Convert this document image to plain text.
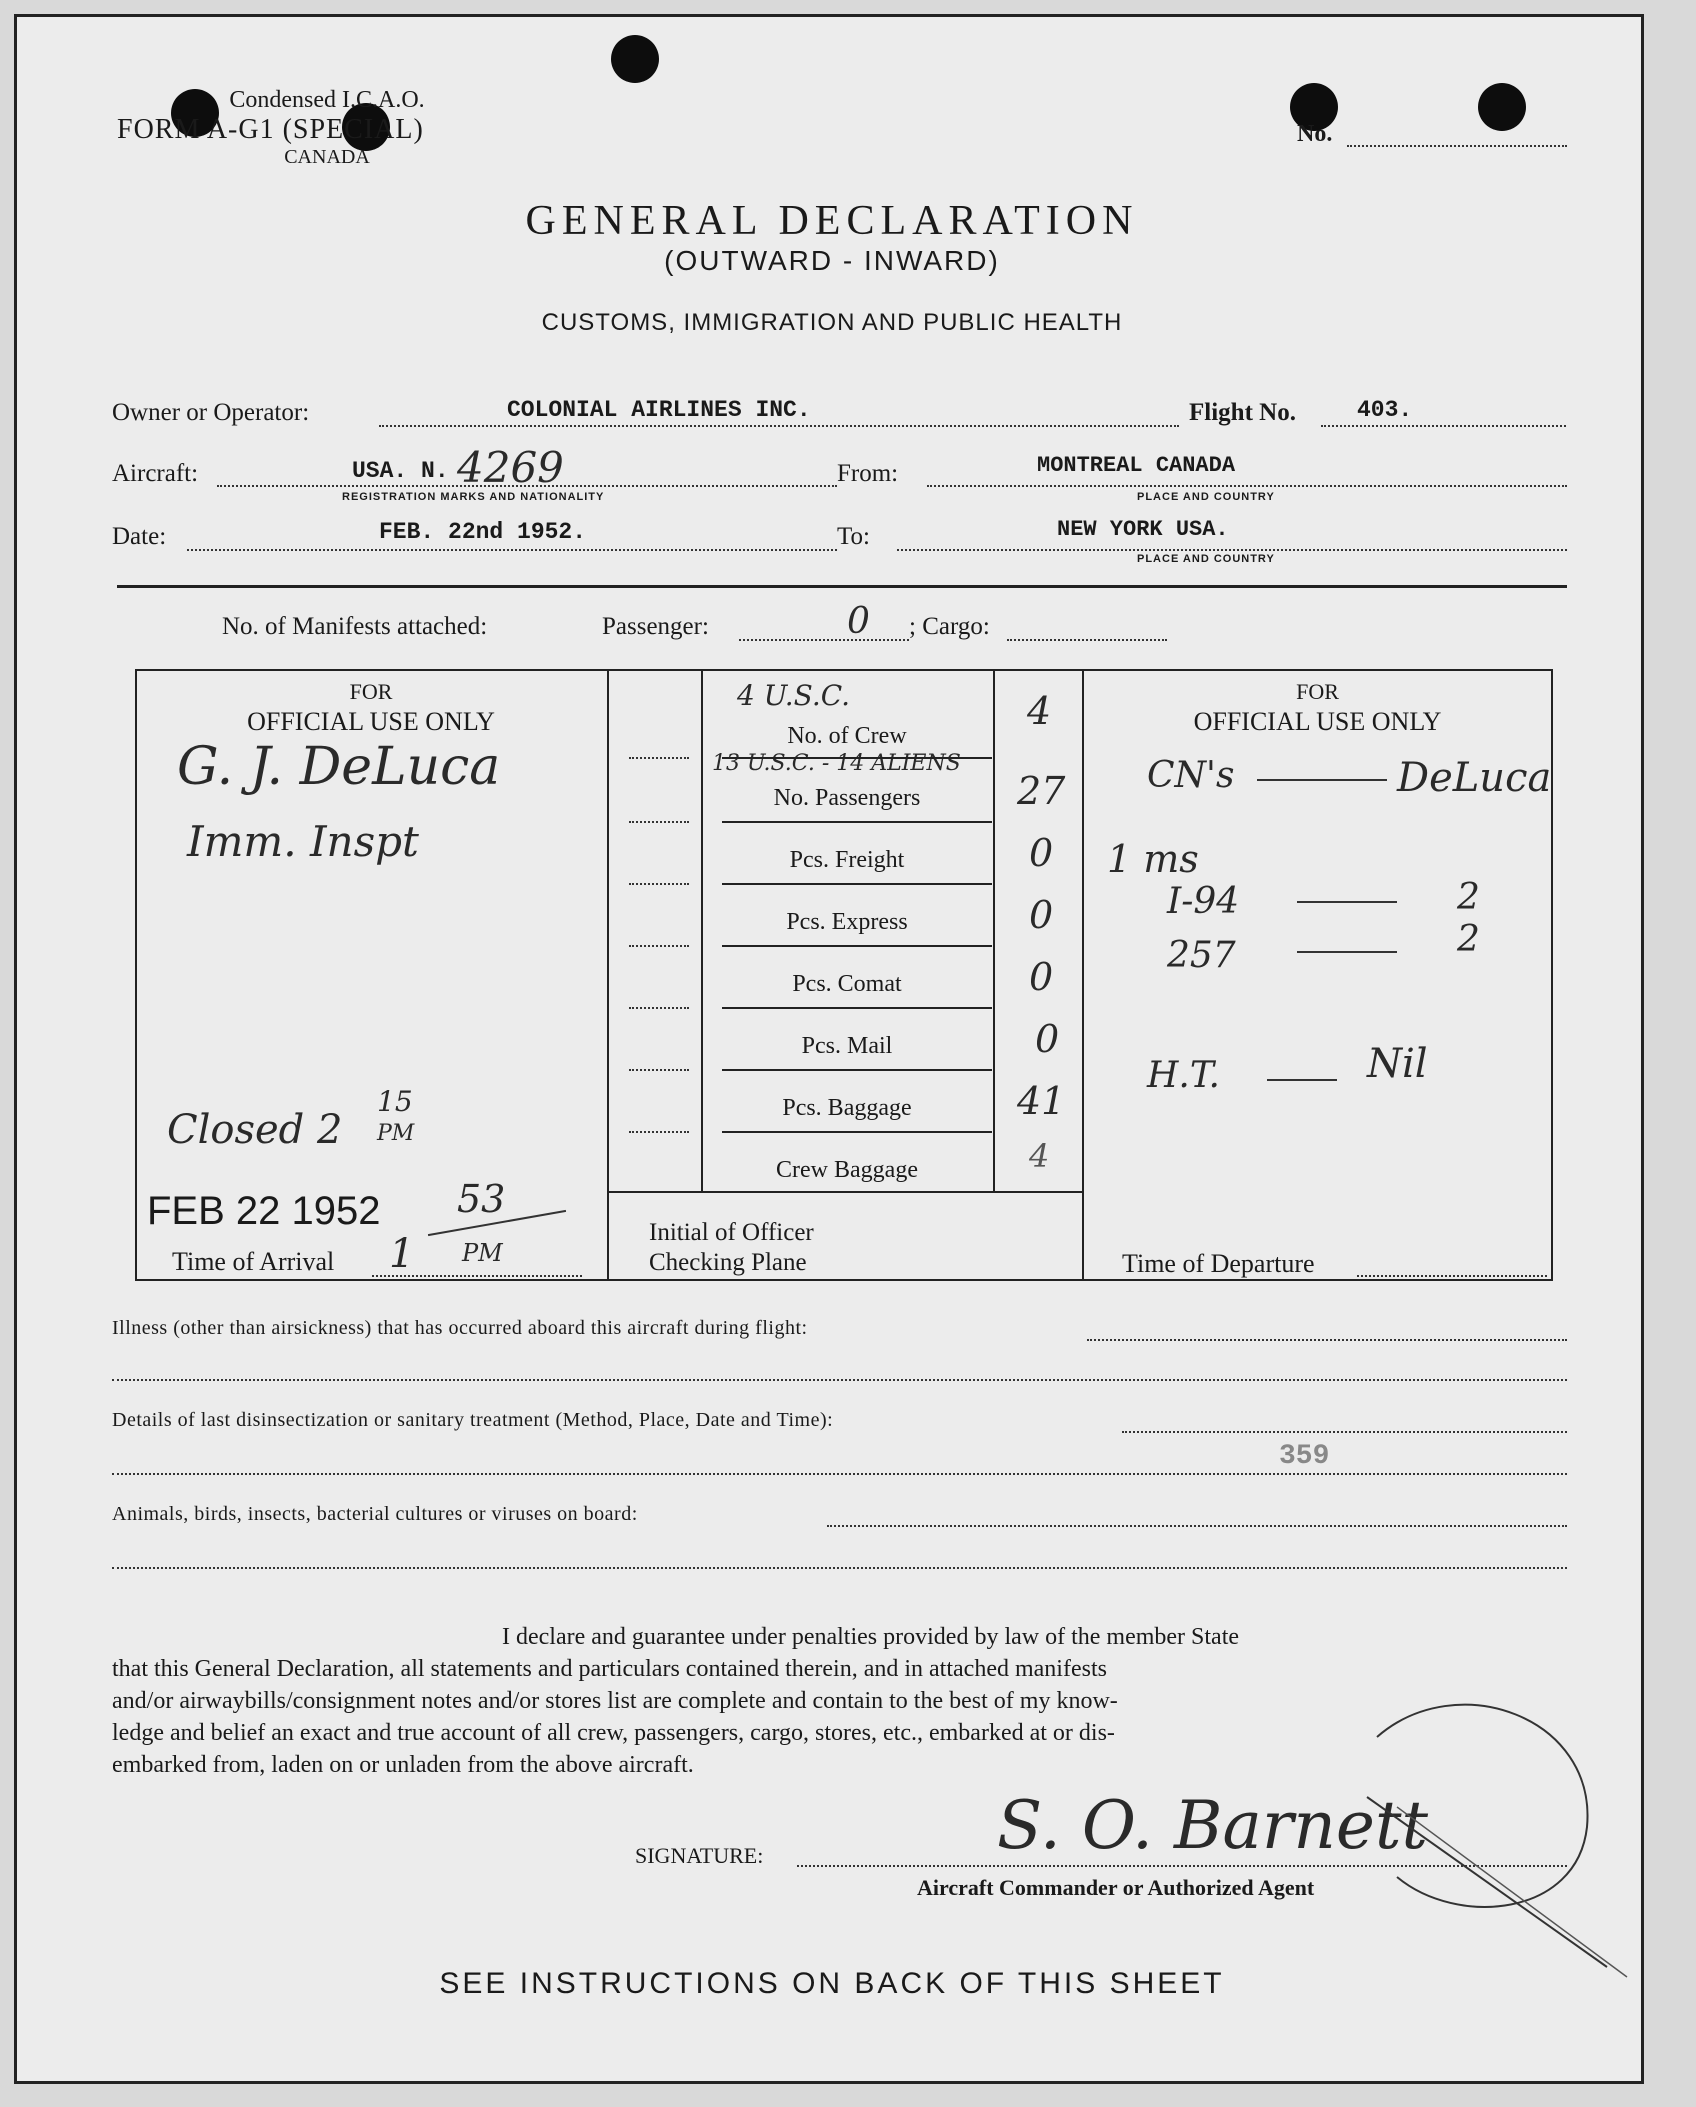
Condensed I.C.A.O.
FORM A-G1 (SPECIAL)
CANADA
No.
GENERAL DECLARATION
(OUTWARD - INWARD)
CUSTOMS, IMMIGRATION AND PUBLIC HEALTH
Owner or Operator:	COLONIAL AIRLINES INC.	Flight No.	403.
Aircraft:	USA. N. 4269
REGISTRATION MARKS AND NATIONALITY
From:	MONTREAL CANADA
PLACE AND COUNTRY
Date:	FEB. 22nd 1952.	To:	NEW YORK USA.
PLACE AND COUNTRY
No. of Manifests attached:	Passenger:	0 ; Cargo:
FOR
OFFICIAL USE ONLY
G. J. DeLuca
Imm. Inspt
Closed 2
15
PM
FEB 22 1952
Time of Arrival 1
53
PM
4 U.S.C.
13 U.S.C. - 14 ALIENS
No. of Crew
4
No. Passengers	27
Pcs. Freight	0
Pcs. Express	0
Pcs. Comat	0
Pcs. Mail	0
Pcs. Baggage	41
Crew Baggage	4
Initial of Officer
Checking Plane
FOR
OFFICIAL USE ONLY
CN's	DeLuca
1 ms
I-94	2
257	2
H.T.	Nil
Time of Departure
Illness (other than airsickness) that has occurred aboard this aircraft during flight:
Details of last disinsectization or sanitary treatment (Method, Place, Date and Time):
359
Animals, birds, insects, bacterial cultures or viruses on board:
I declare and guarantee under penalties provided by law of the member State
that this General Declaration, all statements and particulars contained therein, and in attached manifests
and/or airwaybills/consignment notes and/or stores list are complete and contain to the best of my know-
ledge and belief an exact and true account of all crew, passengers, cargo, stores, etc., embarked at or dis-
embarked from, laden on or unladen from the above aircraft.
SIGNATURE:	S. O. Barnett
Aircraft Commander or Authorized Agent
SEE INSTRUCTIONS ON BACK OF THIS SHEET
